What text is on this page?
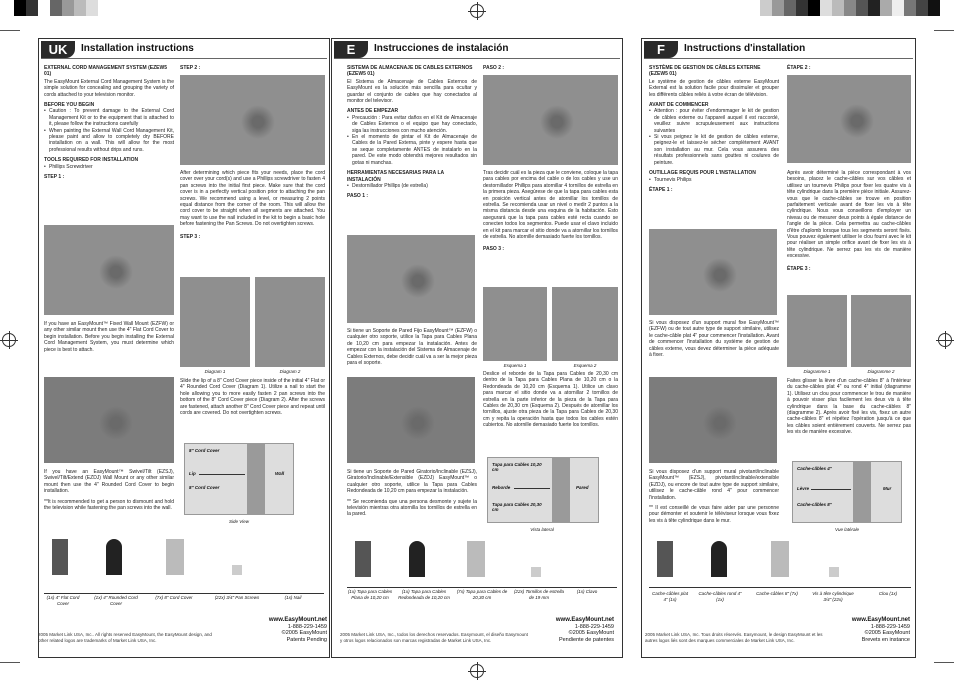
UK	Installation instructions
EXTERNAL CORD MANAGEMENT SYSTEM (EZEW5 01)

The EasyMount External Cord Management System is the simple solution for concealing and grouping the variety of cords attached to your television monitor.

BEFORE YOU BEGIN
• Caution : To prevent damage to the External Cord Management Kit or to the equipment that is attached to it, please follow the instructions carefully
• When painting the External Wall Cord Management Kit, please paint and allow to completely dry BEFORE installation on a wall. This will allow for the most professional results without drips and runs.
TOOLS REQUIRED FOR INSTALLATION
• Phillips Screwdriver
STEP 1 :

If you have an EasyMount™ Fixed Wall Mount (EZFW) or any other similar mount then use the 4" Flat Cord Cover to begin installation. Before you begin installing the External Cord Management System, you must determine which piece is best to attach.

If you have an EasyMount™ Swivel/Tilt (EZSJ), Swivel/Tilt/Extend (EZDJ) Wall Mount or any other similar mount then use the 4" Rounded Cord Cover to begin installation.

**It is recommended to get a person to dismount and hold the television while fastening the pan screws into the wall.

STEP 2 :

After determining which piece fits your needs, place the cord cover over your cord(s) and use a Phillips screwdriver to fasten 4 pan screws into the initial first piece. Make sure that the cord cover is in a perfectly vertical position prior to attaching the pan screws. We recommend using a level, or measuring 2 points equal distance from the corner of the room. This will allow the cord cover to be straight when all segments are attached. You may want to use the nail included in the kit to begin a basic hole before fastening the Pan Screws. Do not overtighten screws.

STEP 3 :
Diagram 1	Diagram 2

Slide the lip of a 8" Cord Cover piece inside of the initial 4" Flat or 4" Rounded Cord Cover (Diagram 1). Utilize a nail to start the hole allowing you to more easily fasten 2 pan screws into the bottom of the 8" Cord Cover piece (Diagram 2). After the screws are fastened, attach another 8" Cord Cover piece and repeat until cords are covered. Do not overtighten screws.

8" Cord Cover
Lip
8" Cord Cover
Wall
Side View
(1x) 4" Flat Cord Cover
(1x) 4" Rounded Cord Cover
(7x) 8" Cord Cover	(22x) 3/4" Pan Screws	(1x) Nail
www.EasyMount.net
1-888-229-1459
©2005 EasyMount
Patents Pending
2005 Market Link USA, Inc.. All rights reserved EasyMount, the EasyMount design, and other related logos are trademarks of Market Link USA, Inc.
E	Instrucciones de instalación
SISTEMA DE ALMACENAJE DE CABLES EXTERNOS (EZEW5 01)

El Sistema de Almacenaje de Cables Externos de EasyMount es la solución más sencilla para ocultar y guardar el conjunto de cables que hay conectados al monitor del televisor.

ANTES DE EMPEZAR
• Precaución : Para evitar daños en el Kit de Almacenaje de Cables Externos o el equipo que hay conectado, siga las instrucciones con mucho atención.
• En el momento de pintar el Kit de Almacenaje de Cables de la Pared Externa, pinte y espere hasta que se seque completamente ANTES de instalarlo en la pared. De este modo obtendrá mejores resultados sin gotas ni manchas.
HERRAMIENTAS NECESARIAS PARA LA INSTALACIÓN
• Destornillador Phillips (de estrella)
PASO 1 :

Si tiene un Soporte de Pared Fijo EasyMount™ (EZFW) o cualquier otro soporte, utilice la Tapa para Cables Plana de 10,20 cm para empezar la instalación. Antes de empezar con la instalación del Sistema de Almacenaje de Cables Externos, debe decidir cuál va a ser la mejor pieza para el soporte.

Si tiene un Soporte de Pared Giratorio/Inclinable (EZSJ), Giratorio/Inclinable/Extensible (EZDJ) EasyMount™ o cualquier otro soporte, utilice la Tapa para Cables Redondeada de 10,20 cm para empezar la instalación.

** Se recomienda que una persona desmonte y sujete la televisión mientras otra atornilla los tornillos de estrella en la pared.

PASO 2 :

Tras decidir cuál es la pieza que le conviene, coloque la tapa para cables por encima del cable o de los cables y use un destornillador Phillips para atornillar 4 tornillos de estrella en la primera pieza. Asegúrese de que la tapa para cables esta en posición vertical antes de atornillar los tornillos de estrella. Se recomienda usar un nivel o medir 2 puntos a la misma distancia desde una esquina de la habitación. Esto asegurará que la tapa para cables esté recta cuando se conecten todos los segmentos. Puede usar el clavo incluido en el kit para marcar el sitio donde va a atornillar los tornillos de estrella. No atornille demasiado fuerte los tornillos.

PASO 3 :
Esquema 1	Esquema 2

Deslice el reborde de la Tapa para Cables de 20,30 cm dentro de la Tapa para Cables Plana de 10,20 cm o la Redondeada de 10,20 cm (Esquema 1). Utilice un clavo para marcar el sitio donde va a atornillar 2 tornillos de estrella en la parte inferior de la pieza de la Tapa para Cables de 20,30 cm (Esquema 2). Después de atornillar los tornillos, ajuste otra pieza de la Tapa para Cables de 20,30 cm y repita la operación hasta que todos los cables estén cubiertos. No atornille demasiado fuerte los tornillos.

Tapa para Cables 10,20 cm
Reborde
Tapa para Cables 20,30 cm
Pared
Vista lateral
(1x) Tapa para Cables Plana de 10,20 cm
(1x) Tapa para Cables Redondeada de 10,20 cm
(7x) Tapa para Cables de 20,30 cm
(22x) Tornillos de estrella de 19 mm
(1x) Clavo
www.EasyMount.net
1-888-229-1459
©2005 EasyMount
Pendiente de patentes
2005 Market Link USA, Inc., todos los derechos reservados. Easymount, el diseño Easymount y otros logos relacionados son marcas registradas de Market Link USA, Inc.
F	Instructions d'installation
SYSTÈME DE GESTION DE CÂBLES EXTERNE (EZEW5 01)

Le système de gestion de câbles externe EasyMount External est la solution facile pour dissimuler et grouper les différents câbles reliés à votre écran de télévision.

AVANT DE COMMENCER
• Attention : pour éviter d'endommager le kit de gestion de câbles externe ou l'appareil auquel il est raccordé, veuillez suivre scrupuleusement aux instructions suivantes
• Si vous peignez le kit de gestion de câbles externe, peignez-le et laissez-le sécher complètement AVANT son installation au mur. Cela vous assurera des résultats professionnels sans gouttes ni coulures de peinture.
OUTILLAGE REQUIS POUR L'INSTALLATION
• Tournevis Philips
ÉTAPE 1 :

Si vous disposez d'un support mural fixe EasyMount™ (EZFW) ou de tout autre type de support similaire, utilisez le cache-câble plat 4" pour commencer l'installation. Avant de commencer l'installation du système de gestion de câbles externe, vous devez déterminer la pièce adéquate à fixer.

Si vous disposez d'un support mural pivotant/inclinable EasyMount™ (EZSJ), pivotant/inclinable/extensible (EZDJ), ou encore de tout autre type de support similaire, utilisez le cache-câble rond 4" pour commencer l'installation.

** Il est conseillé de vous faire aider par une personne pour démonter et soutenir le téléviseur lorsque vous fixez les vis à tête cylindrique dans le mur.

ÉTAPE 2 :

Après avoir déterminé la pièce correspondant à vos besoins, placez le cache-câbles sur vos câbles et utilisez un tournevis Philips pour fixer les quatre vis à tête cylindrique dans la première pièce initiale. Assurez-vous que le cache-câbles se trouve en position parfaitement verticale avant de fixer les vis à tête cylindrique. Nous vous conseillons d'employer un niveau ou de mesurer deux points à égale distance de l'angle de la pièce. Cela permettra au cache-câbles d'être d'aplomb lorsque tous les segments seront fixés. Vous pouvez également utiliser le clou fourni avec le kit pour réaliser un simple orifice avant de fixer les vis à tête cylindrique. Ne serrez pas les vis de manière excessive.

ÉTAPE 3 :
Diagramme 1	Diagramme 2

Faites glisser la lèvre d'un cache-câbles 8" à l'intérieur du cache-câbles plat 4" ou rond 4" initial (diagramme 1). Utilisez un clou pour commencer le trou de manière à pouvoir visser plus facilement les deux vis à tête cylindrique dans la base du cache-câbles 8" (diagramme 2). Après avoir fixé les vis, fixez un autre cache-câbles 8" et répétez l'opération jusqu'à ce que les câbles soient entièrement couverts. Ne serrez pas les vis de manière excessive.

Cache-câbles 4"
Lèvre
Cache-câbles 8"
Mur
Vue latérale
Cache-câbles plat 4" (1x)
Cache-câbles rond 4" (1x)
Cache-câbles 8" (7x)	Vis à tête cylindrique 3/4" (22x)
Clou (1x)
www.EasyMount.net
1-888-229-1459
©2005 EasyMount
Brevets en instance
2005 Market Link USA, Inc. Tous droits réservés. Easymount, le design EasyMount et les autres logos liés sont des marques commerciales de Market Link USA, Inc.
